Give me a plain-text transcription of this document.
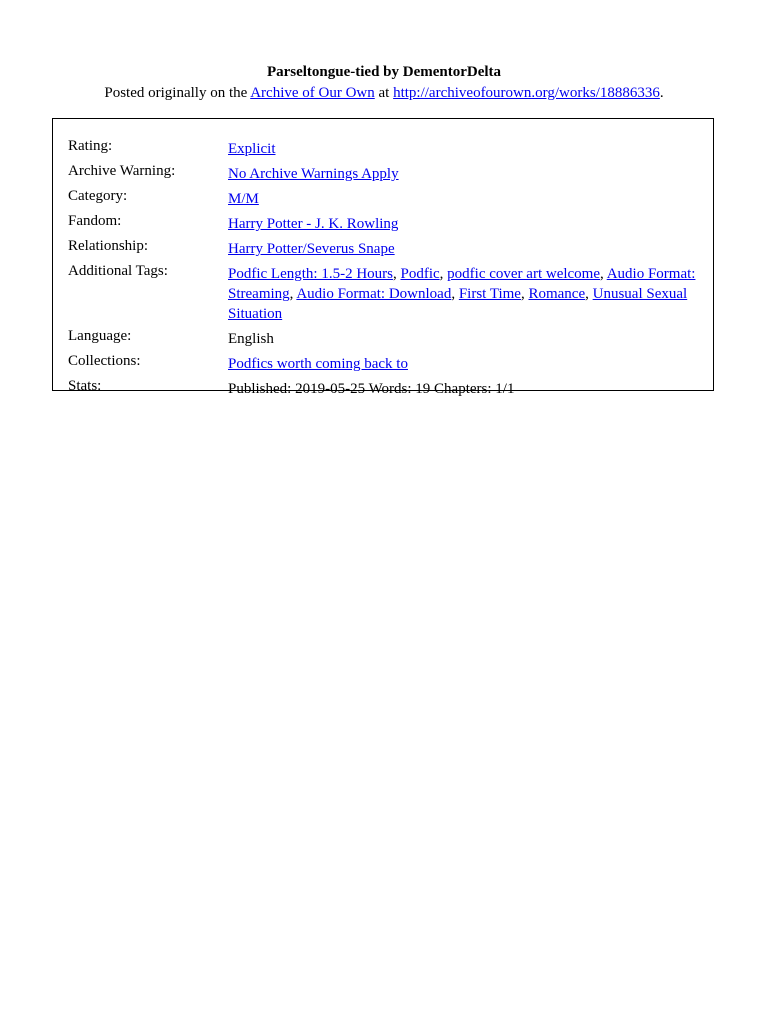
Parseltongue-tied by DementorDelta
Posted originally on the Archive of Our Own at http://archiveofourown.org/works/18886336.
Rating:	Explicit
Archive Warning:	No Archive Warnings Apply
Category:	M/M
Fandom:	Harry Potter - J. K. Rowling
Relationship:	Harry Potter/Severus Snape
Additional Tags:	Podfic Length: 1.5-2 Hours, Podfic, podfic cover art welcome, Audio Format: Streaming, Audio Format: Download, First Time, Romance, Unusual Sexual Situation
Language:	English
Collections:	Podfics worth coming back to
Stats:	Published: 2019-05-25 Words: 19 Chapters: 1/1
